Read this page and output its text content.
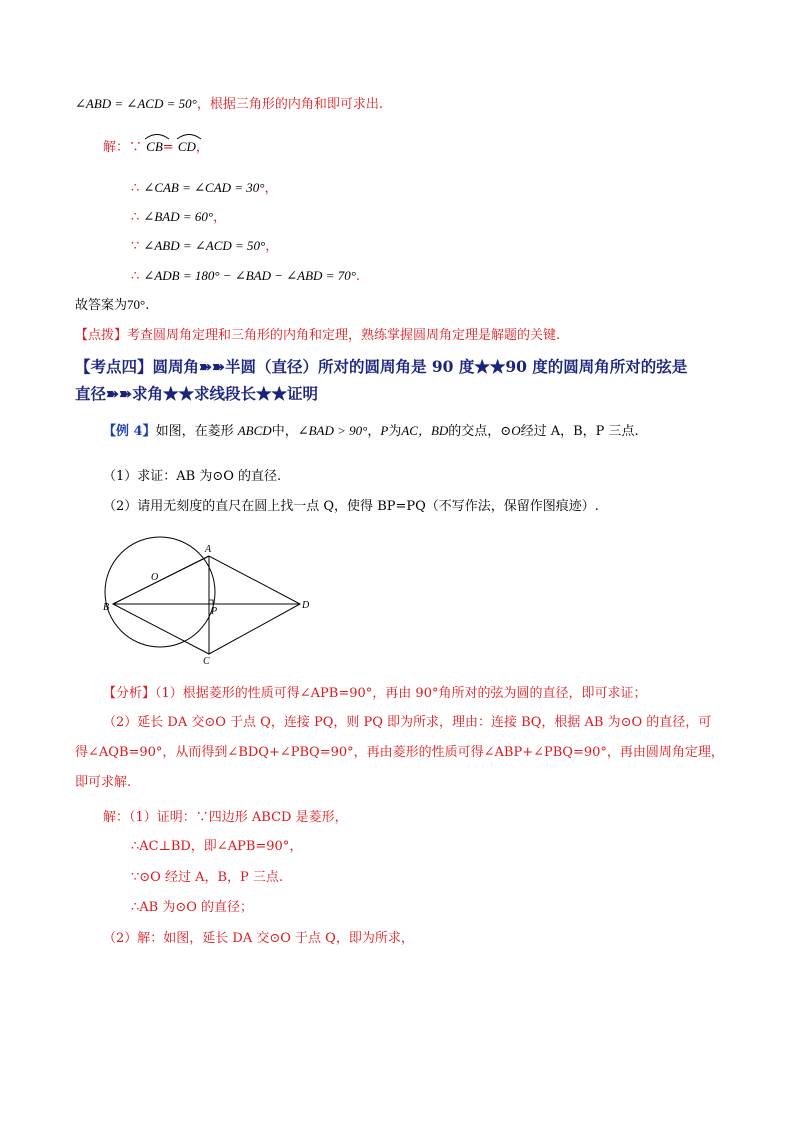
∠ABD = ∠ACD = 50°，根据三角形的内角和即可求出.
解：∵ CB= CD，
∴ ∠CAB = ∠CAD = 30°，
∴ ∠BAD = 60°，
∵ ∠ABD = ∠ACD = 50°，
∴ ∠ADB = 180° − ∠BAD − ∠ABD = 70°.
故答案为70°.
【点拨】考查圆周角定理和三角形的内角和定理，熟练掌握圆周角定理是解题的关键.
【考点四】圆周角➽➽半圆（直径）所对的圆周角是 90 度★★90 度的圆周角所对的弦是
直径➽➽求角★★求线段长★★证明
【例 4】如图，在菱形 ABCD中，∠BAD > 90°，P为AC，BD的交点，⊙O经过 A，B，P 三点.
（1）求证：AB 为⊙O 的直径.
（2）请用无刻度的直尺在圆上找一点 Q，使得 BP=PQ（不写作法，保留作图痕迹）.
A
B
C
D
O
P
【分析】（1）根据菱形的性质可得∠APB=90°，再由 90°角所对的弦为圆的直径，即可求证；
（2）延长 DA 交⊙O 于点 Q，连接 PQ，则 PQ 即为所求，理由：连接 BQ，根据 AB 为⊙O 的直径，可
得∠AQB=90°，从而得到∠BDQ+∠PBQ=90°，再由菱形的性质可得∠ABP+∠PBQ=90°，再由圆周角定理，
即可求解.
解：（1）证明：∵四边形 ABCD 是菱形，
∴AC⊥BD，即∠APB=90°，
∵⊙O 经过 A，B，P 三点.
∴AB 为⊙O 的直径；
（2）解：如图，延长 DA 交⊙O 于点 Q，即为所求，
